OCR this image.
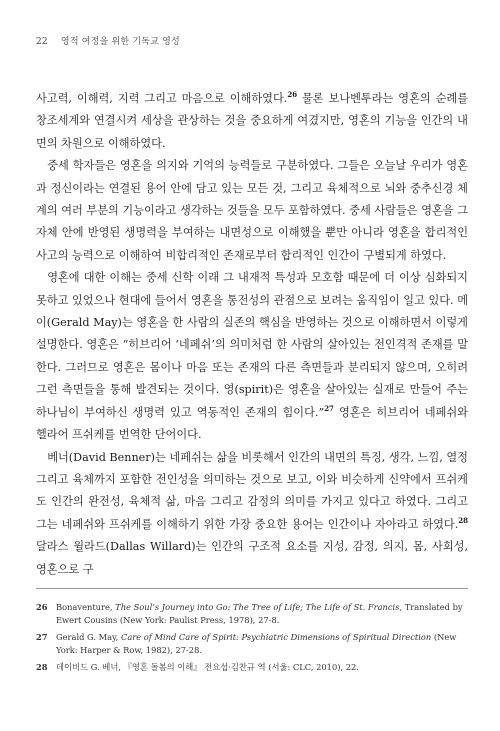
22 영적 여정을 위한 기독교 영성

사고력, 이해력, 지력 그리고 마음으로 이해하였다.$^{26}$ 물론 보나벤투라는 영혼의 순례를 창조세계와 연결시켜 세상을 관상하는 것을 중요하게 여겼지만, 영혼의 기능을 인간의 내면의 차원으로 이해하였다.

중세 학자들은 영혼을 의지와 기억의 능력들로 구분하였다. 그들은 오늘날 우리가 영혼과 정신이라는 연결된 용어 안에 담고 있는 모든 것, 그리고 육체적으로 뇌와 중추신경 체계의 여러 부분의 기능이라고 생각하는 것들을 모두 포함하였다. 중세 사람들은 영혼을 그 자체 안에 반영된 생명력을 부여하는 내면성으로 이해했을 뿐만 아니라 영혼을 합리적인 사고의 능력으로 이해하여 비합리적인 존재로부터 합리적인 인간이 구별되게 하였다.

영혼에 대한 이해는 중세 신학 이래 그 내재적 특성과 모호함 때문에 더 이상 심화되지 못하고 있었으나 현대에 들어서 영혼을 통전성의 관점으로 보려는 움직임이 일고 있다. 메이(Gerald May)는 영혼을 한 사람의 실존의 핵심을 반영하는 것으로 이해하면서 이렇게 설명한다. 영혼은 “히브리어 ‘네페쉬’의 의미처럼 한 사람의 살아있는 전인격적 존재를 말한다. 그러므로 영혼은 몸이나 마음 또는 존재의 다른 측면들과 분리되지 않으며, 오히려 그런 측면들을 통해 발견되는 것이다. 영(spirit)은 영혼을 살아있는 실재로 만들어 주는 하나님이 부여하신 생명력 있고 역동적인 존재의 힘이다.”$^{27}$ 영혼은 히브리어 네페쉬와 헬라어 프쉬케를 번역한 단어이다.

베너(David Benner)는 네페쉬는 삶을 비롯해서 인간의 내면의 특징, 생각, 느낌, 열정 그리고 육체까지 포함한 전인성을 의미하는 것으로 보고, 이와 비슷하게 신약에서 프쉬케도 인간의 완전성, 육체적 삶, 마음 그리고 감정의 의미를 가지고 있다고 하였다. 그리고 그는 네페쉬와 프쉬케를 이해하기 위한 가장 중요한 용어는 인간이나 자아라고 하였다.$^{28}$ 달라스 윌라드(Dallas Willard)는 인간의 구조적 요소를 지성, 감정, 의지, 몸, 사회성, 영혼으로 구

26	Bonaventure, The Soul’s Journey into Go: The Tree of Life; The Life of St. Francis, Translated by Ewert Cousins (New York: Paulist Press, 1978), 27-8.
27	Gerald G. May, Care of Mind Care of Spirit: Psychiatric Dimensions of Spiritual Direction (New York: Harper & Row, 1982), 27-28.
28	데이비드 G. 베너, 『영혼 돌봄의 이해』 전요섭·김찬규 역 (서울: CLC, 2010), 22.
